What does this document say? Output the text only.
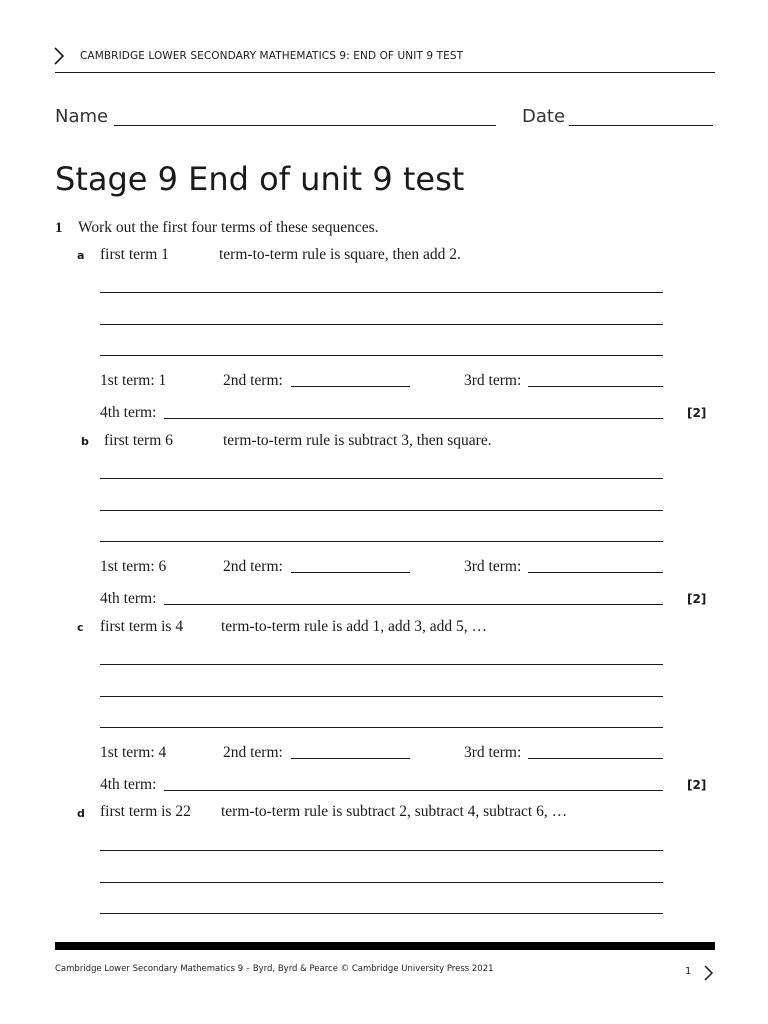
CAMBRIDGE LOWER SECONDARY MATHEMATICS 9: END OF UNIT 9 TEST
Name	Date
Stage 9 End of unit 9 test
1 Work out the first four terms of these sequences.
a first term 1	term-to-term rule is square, then add 2.
1st term: 1	2nd term:	3rd term:
4th term:	[2]
b first term 6	term-to-term rule is subtract 3, then square.
1st term: 6	2nd term:	3rd term:
4th term:	[2]
c first term is 4 term-to-term rule is add 1, add 3, add 5, …
1st term: 4	2nd term:	3rd term:
4th term:	[2]
d first term is 22 term-to-term rule is subtract 2, subtract 4, subtract 6, …
Cambridge Lower Secondary Mathematics 9 – Byrd, Byrd & Pearce © Cambridge University Press 2021	1
